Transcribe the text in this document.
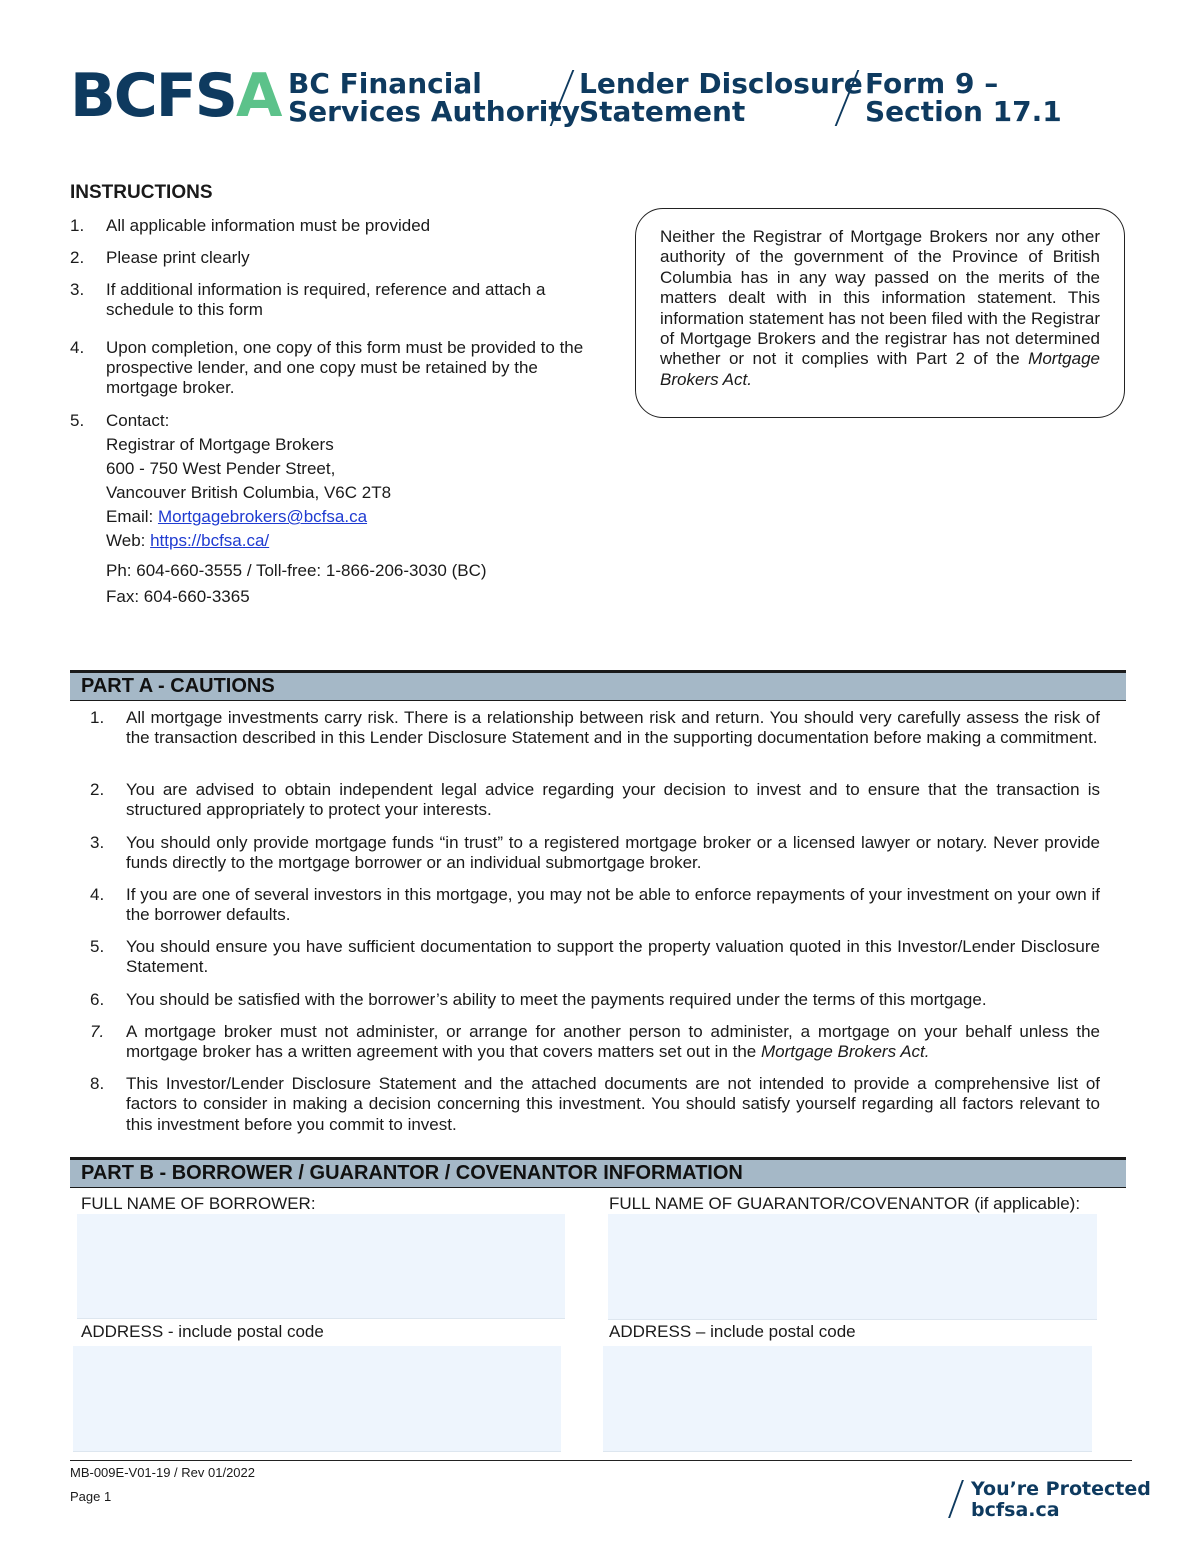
BCFSA BC Financial
Services Authority
Lender Disclosure
Statement
Form 9 –
Section 17.1
INSTRUCTIONS
1. All applicable information must be provided
2. Please print clearly
3. If additional information is required, reference and attach a schedule to this form
4. Upon completion, one copy of this form must be provided to the prospective lender, and one copy must be retained by the mortgage broker.
5. Contact:
Registrar of Mortgage Brokers
600 - 750 West Pender Street,
Vancouver British Columbia, V6C 2T8
Email: Mortgagebrokers@bcfsa.ca
Web: https://bcfsa.ca/
Ph: 604-660-3555 / Toll-free: 1-866-206-3030 (BC)
Fax: 604-660-3365
Neither the Registrar of Mortgage Brokers nor any other authority of the government of the Province of British Columbia has in any way passed on the merits of the matters dealt with in this information statement. This information statement has not been filed with the Registrar of Mortgage Brokers and the registrar has not determined whether or not it complies with Part 2 of the Mortgage Brokers Act.
PART A - CAUTIONS
1. All mortgage investments carry risk. There is a relationship between risk and return. You should very carefully assess the risk of the transaction described in this Lender Disclosure Statement and in the supporting documentation before making a commitment.
2. You are advised to obtain independent legal advice regarding your decision to invest and to ensure that the transaction is structured appropriately to protect your interests.
3. You should only provide mortgage funds “in trust” to a registered mortgage broker or a licensed lawyer or notary. Never provide funds directly to the mortgage borrower or an individual submortgage broker.
4. If you are one of several investors in this mortgage, you may not be able to enforce repayments of your investment on your own if the borrower defaults.
5. You should ensure you have sufficient documentation to support the property valuation quoted in this Investor/Lender Disclosure Statement.
6. You should be satisfied with the borrower’s ability to meet the payments required under the terms of this mortgage.
7. A mortgage broker must not administer, or arrange for another person to administer, a mortgage on your behalf unless the mortgage broker has a written agreement with you that covers matters set out in the Mortgage Brokers Act.
8. This Investor/Lender Disclosure Statement and the attached documents are not intended to provide a comprehensive list of factors to consider in making a decision concerning this investment. You should satisfy yourself regarding all factors relevant to this investment before you commit to invest.
PART B - BORROWER / GUARANTOR / COVENANTOR INFORMATION
FULL NAME OF BORROWER:	FULL NAME OF GUARANTOR/COVENANTOR (if applicable):
ADDRESS - include postal code	ADDRESS – include postal code
MB-009E-V01-19 / Rev 01/2022
Page 1	You’re Protected
bcfsa.ca
